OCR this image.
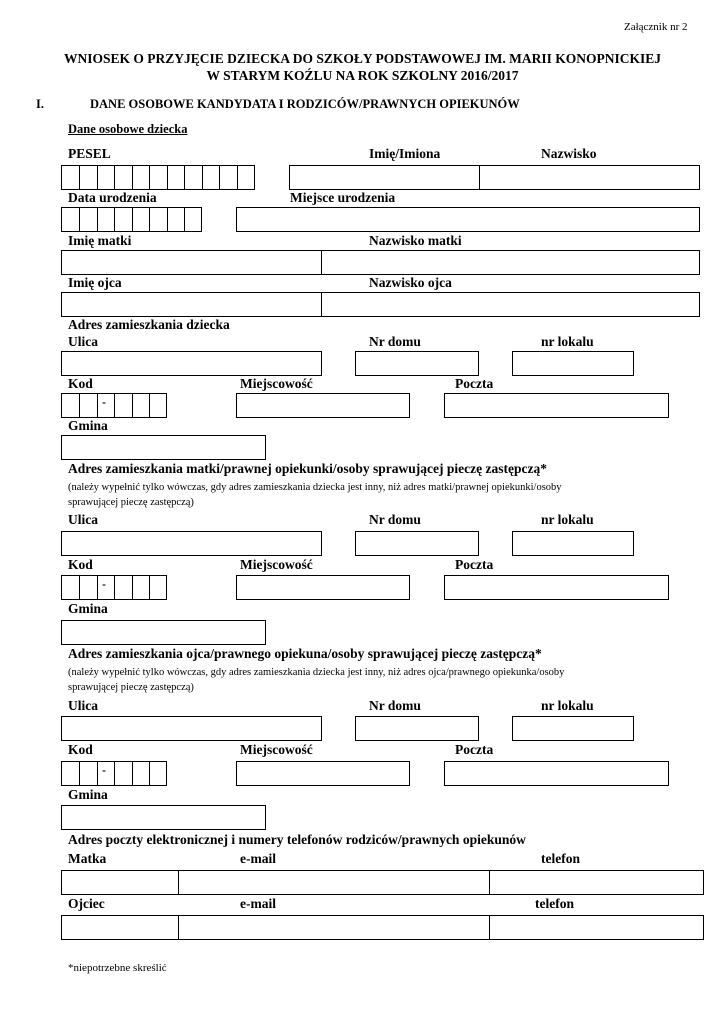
Załącznik nr 2
WNIOSEK O PRZYJĘCIE DZIECKA DO SZKOŁY PODSTAWOWEJ IM. MARII KONOPNICKIEJ
W STARYM KOŹLU NA ROK SZKOLNY 2016/2017
I.	DANE OSOBOWE KANDYDATA I RODZICÓW/PRAWNYCH OPIEKUNÓW
Dane osobowe dziecka
PESEL	Imię/Imiona	Nazwisko
Data urodzenia	Miejsce urodzenia
Imię matki	Nazwisko matki
Imię ojca	Nazwisko ojca
Adres zamieszkania dziecka
Ulica	Nr domu	nr lokalu
Kod	Miejscowość	Poczta
-
Gmina
Adres zamieszkania matki/prawnej opiekunki/osoby sprawującej pieczę zastępczą*
(należy wypełnić tylko wówczas, gdy adres zamieszkania dziecka jest inny, niż adres matki/prawnej opiekunki/osoby
sprawującej pieczę zastępczą)
Ulica	Nr domu	nr lokalu
Kod	Miejscowość	Poczta
-
Gmina
Adres zamieszkania ojca/prawnego opiekuna/osoby sprawującej pieczę zastępczą*
(należy wypełnić tylko wówczas, gdy adres zamieszkania dziecka jest inny, niż adres ojca/prawnego opiekunka/osoby
sprawującej pieczę zastępczą)
Ulica	Nr domu	nr lokalu
Kod	Miejscowość	Poczta
-
Gmina
Adres poczty elektronicznej i numery telefonów rodziców/prawnych opiekunów
Matka	e-mail	telefon
Ojciec	e-mail	telefon
*niepotrzebne skreślić
